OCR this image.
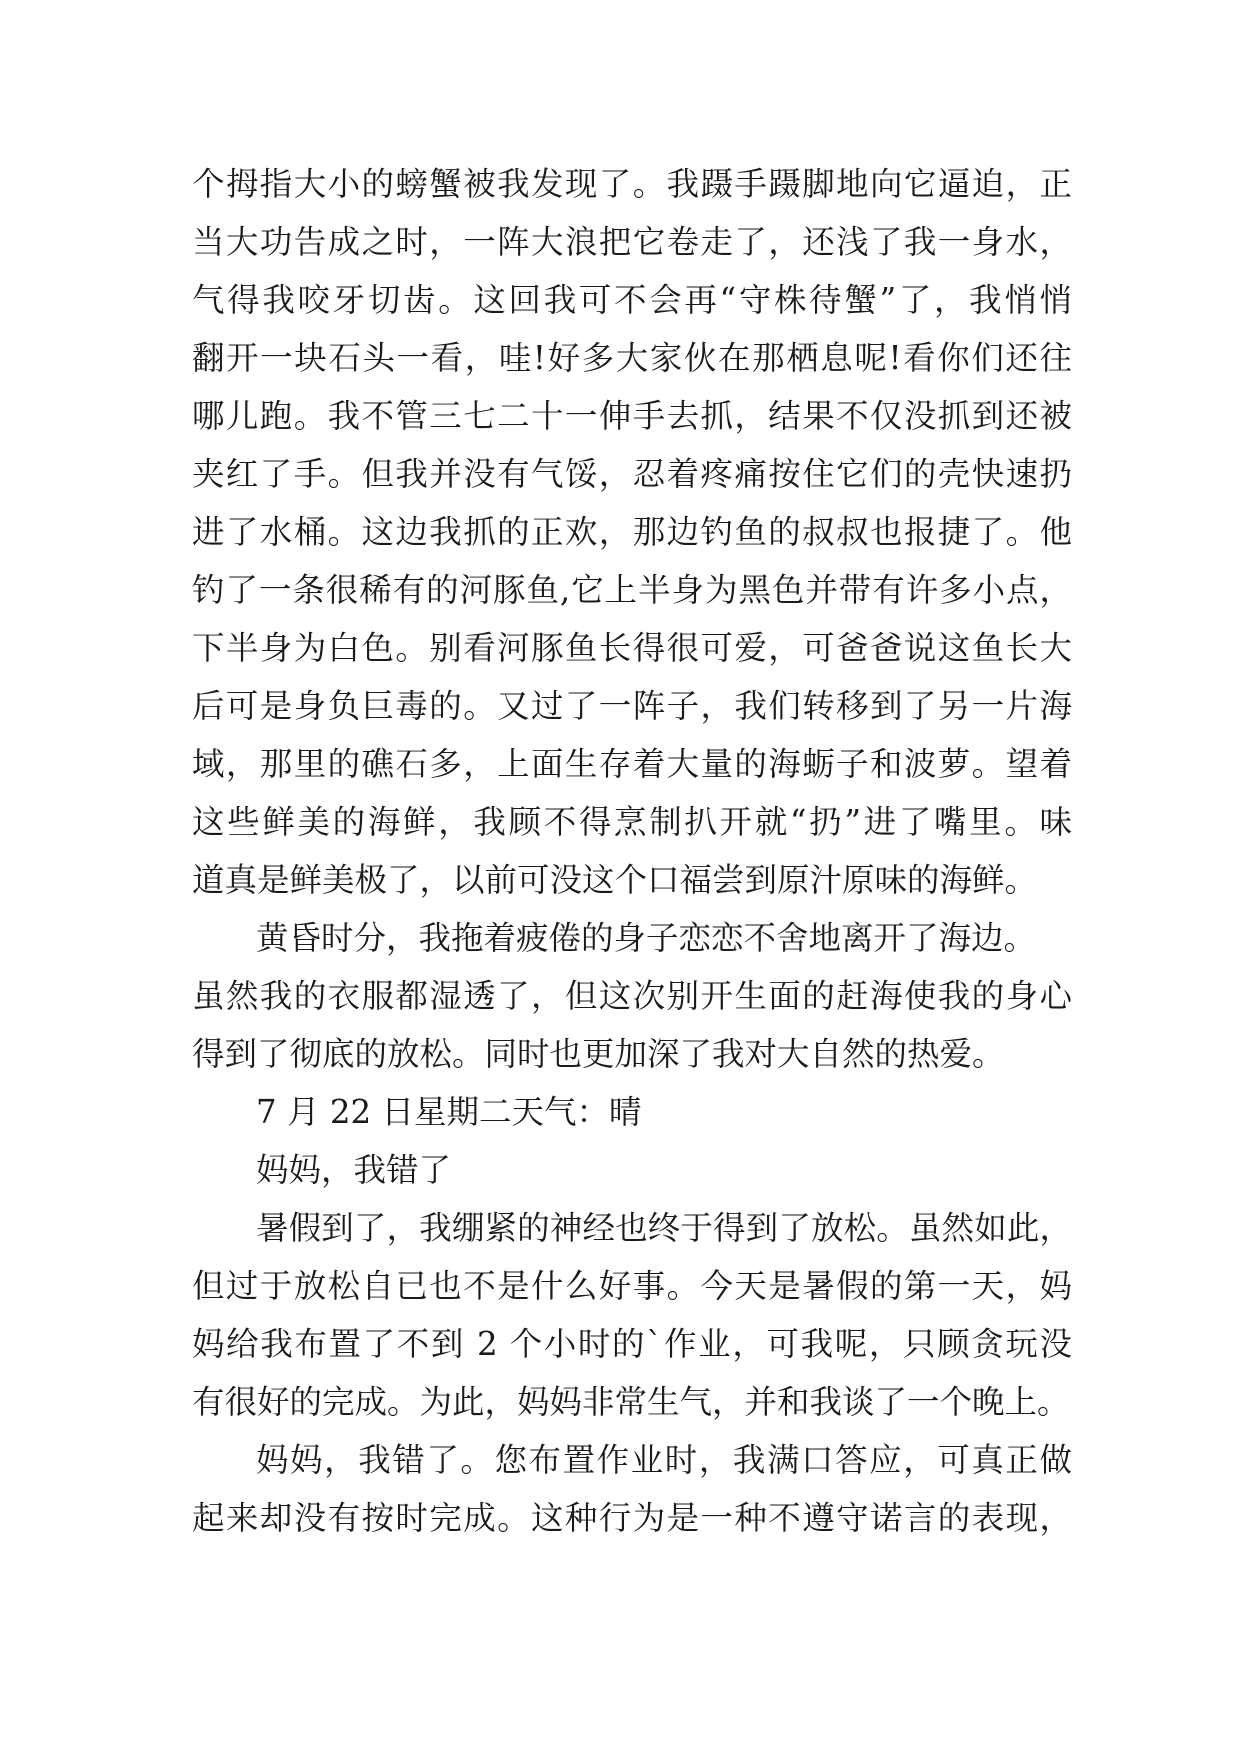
个拇指大小的螃蟹被我发现了。我蹑手蹑脚地向它逼迫，正
当大功告成之时，一阵大浪把它卷走了，还浅了我一身水，
气得我咬牙切齿。这回我可不会再“守株待蟹”了，我悄悄
翻开一块石头一看，哇!好多大家伙在那栖息呢!看你们还往
哪儿跑。我不管三七二十一伸手去抓，结果不仅没抓到还被
夹红了手。但我并没有气馁，忍着疼痛按住它们的壳快速扔
进了水桶。这边我抓的正欢，那边钓鱼的叔叔也报捷了。他
钓了一条很稀有的河豚鱼,它上半身为黑色并带有许多小点，
下半身为白色。别看河豚鱼长得很可爱，可爸爸说这鱼长大
后可是身负巨毒的。又过了一阵子，我们转移到了另一片海
域，那里的礁石多，上面生存着大量的海蛎子和波萝。望着
这些鲜美的海鲜，我顾不得烹制扒开就“扔”进了嘴里。味
道真是鲜美极了，以前可没这个口福尝到原汁原味的海鲜。
黄昏时分，我拖着疲倦的身子恋恋不舍地离开了海边。
虽然我的衣服都湿透了，但这次别开生面的赶海使我的身心
得到了彻底的放松。同时也更加深了我对大自然的热爱。
7 月 22 日星期二天气：晴
妈妈，我错了
暑假到了，我绷紧的神经也终于得到了放松。虽然如此，
但过于放松自已也不是什么好事。今天是暑假的第一天，妈
妈给我布置了不到 2 个小时的`作业，可我呢，只顾贪玩没
有很好的完成。为此，妈妈非常生气，并和我谈了一个晚上。
妈妈，我错了。您布置作业时，我满口答应，可真正做
起来却没有按时完成。这种行为是一种不遵守诺言的表现，
